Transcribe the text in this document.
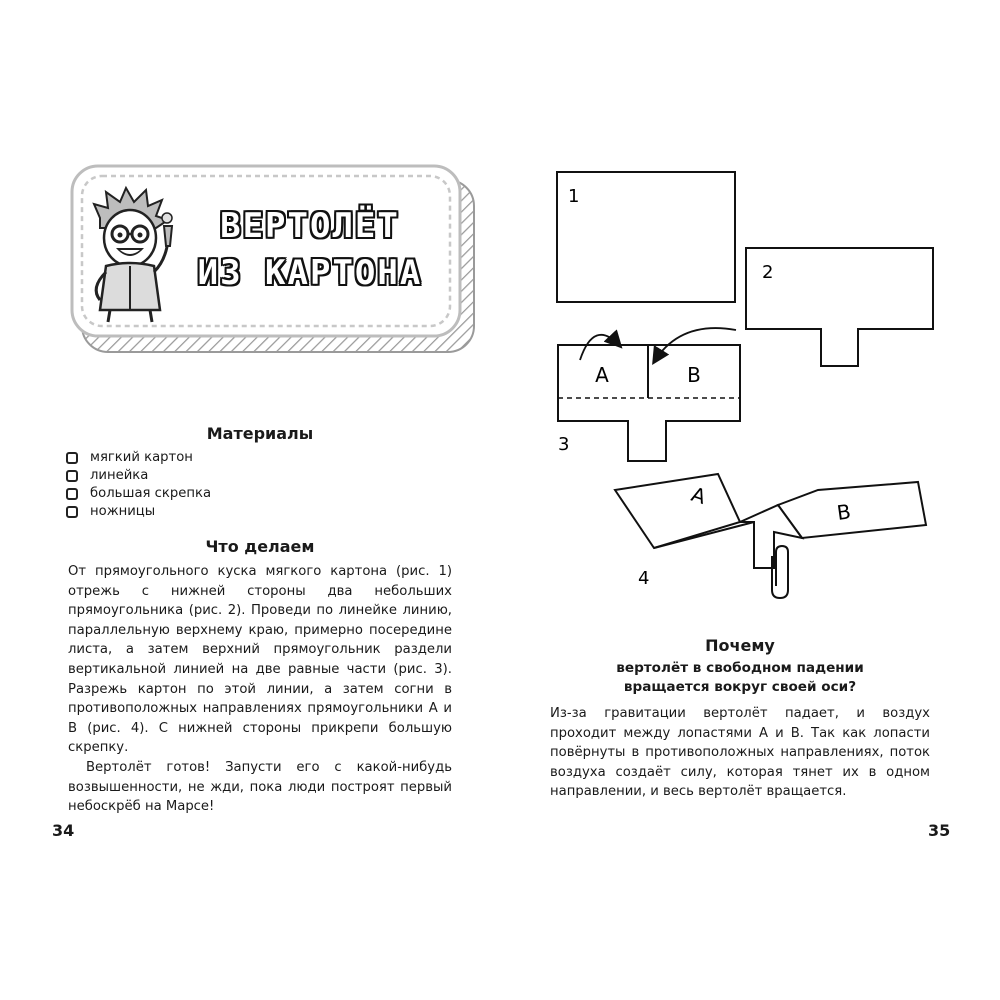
ВЕРТОЛЁТ
ИЗ КАРТОНА
Материалы
мягкий картон
линейка
большая скрепка
ножницы
Что делаем

От прямоугольного куска мягкого картона (рис. 1) отрежь с нижней стороны два небольших прямоугольника (рис. 2). Проведи по линейке линию, параллельную верхнему краю, примерно посередине листа, а затем верхний прямоугольник раздели вертикальной линией на две равные части (рис. 3). Разрежь картон по этой линии, а затем согни в противоположных направлениях прямоугольники А и В (рис. 4). С нижней стороны прикрепи большую скрепку.

Вертолёт готов! Запусти его с какой-нибудь возвышенности, не жди, пока люди построят первый небоскрёб на Марсе!

34
1
2
A	B
3
A
B
4
Почему
вертолёт в свободном падении
вращается вокруг своей оси?

Из-за гравитации вертолёт падает, и воздух проходит между лопастями А и В. Так как лопасти повёрнуты в противоположных направлениях, поток воздуха создаёт силу, которая тянет их в одном направлении, и весь вертолёт вращается.

35
